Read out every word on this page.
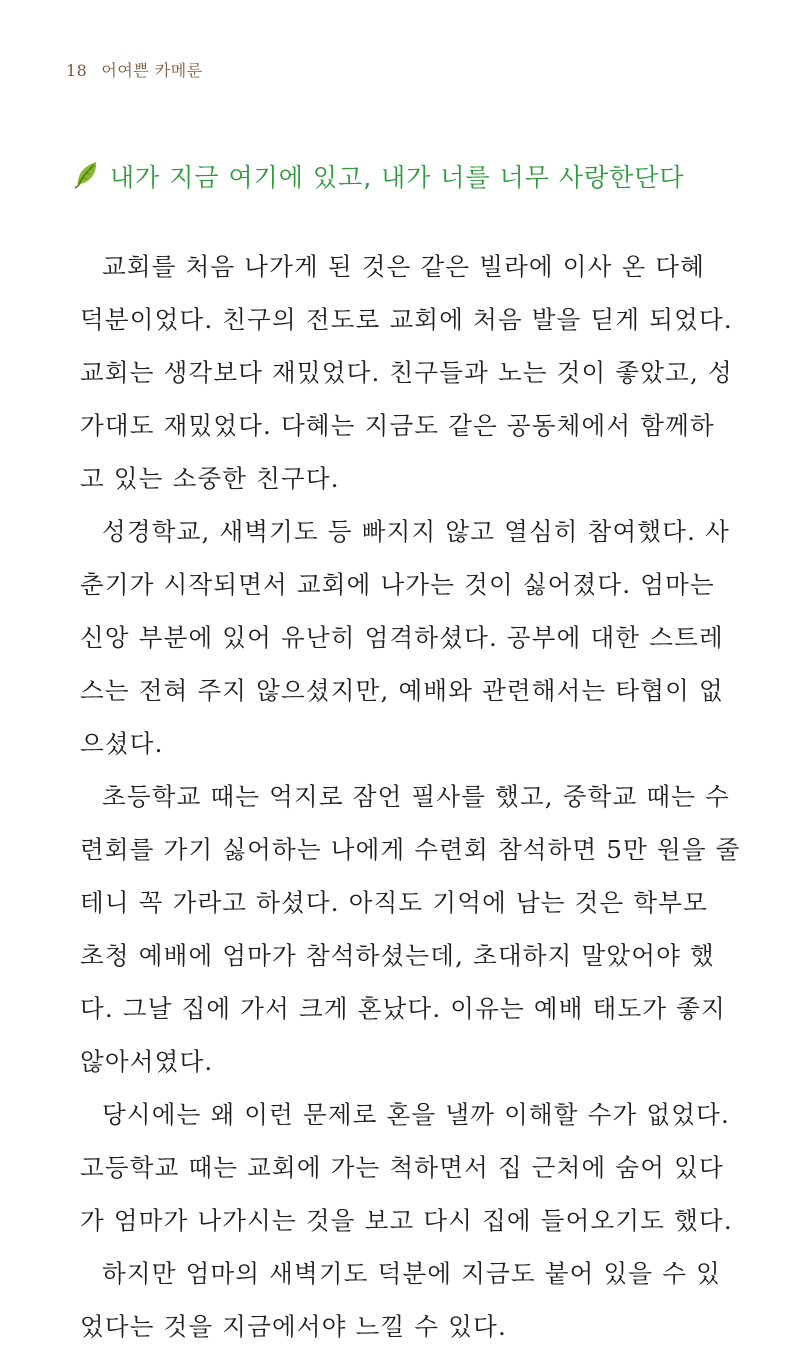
18 어여쁜 카메룬
내가 지금 여기에 있고, 내가 너를 너무 사랑한단다
교회를 처음 나가게 된 것은 같은 빌라에 이사 온 다혜
덕분이었다. 친구의 전도로 교회에 처음 발을 딛게 되었다.
교회는 생각보다 재밌었다. 친구들과 노는 것이 좋았고, 성
가대도 재밌었다. 다혜는 지금도 같은 공동체에서 함께하
고 있는 소중한 친구다.
성경학교, 새벽기도 등 빠지지 않고 열심히 참여했다. 사
춘기가 시작되면서 교회에 나가는 것이 싫어졌다. 엄마는
신앙 부분에 있어 유난히 엄격하셨다. 공부에 대한 스트레
스는 전혀 주지 않으셨지만, 예배와 관련해서는 타협이 없
으셨다.
초등학교 때는 억지로 잠언 필사를 했고, 중학교 때는 수
련회를 가기 싫어하는 나에게 수련회 참석하면 5만 원을 줄
테니 꼭 가라고 하셨다. 아직도 기억에 남는 것은 학부모
초청 예배에 엄마가 참석하셨는데, 초대하지 말았어야 했
다. 그날 집에 가서 크게 혼났다. 이유는 예배 태도가 좋지
않아서였다.
당시에는 왜 이런 문제로 혼을 낼까 이해할 수가 없었다.
고등학교 때는 교회에 가는 척하면서 집 근처에 숨어 있다
가 엄마가 나가시는 것을 보고 다시 집에 들어오기도 했다.
하지만 엄마의 새벽기도 덕분에 지금도 붙어 있을 수 있
었다는 것을 지금에서야 느낄 수 있다.
